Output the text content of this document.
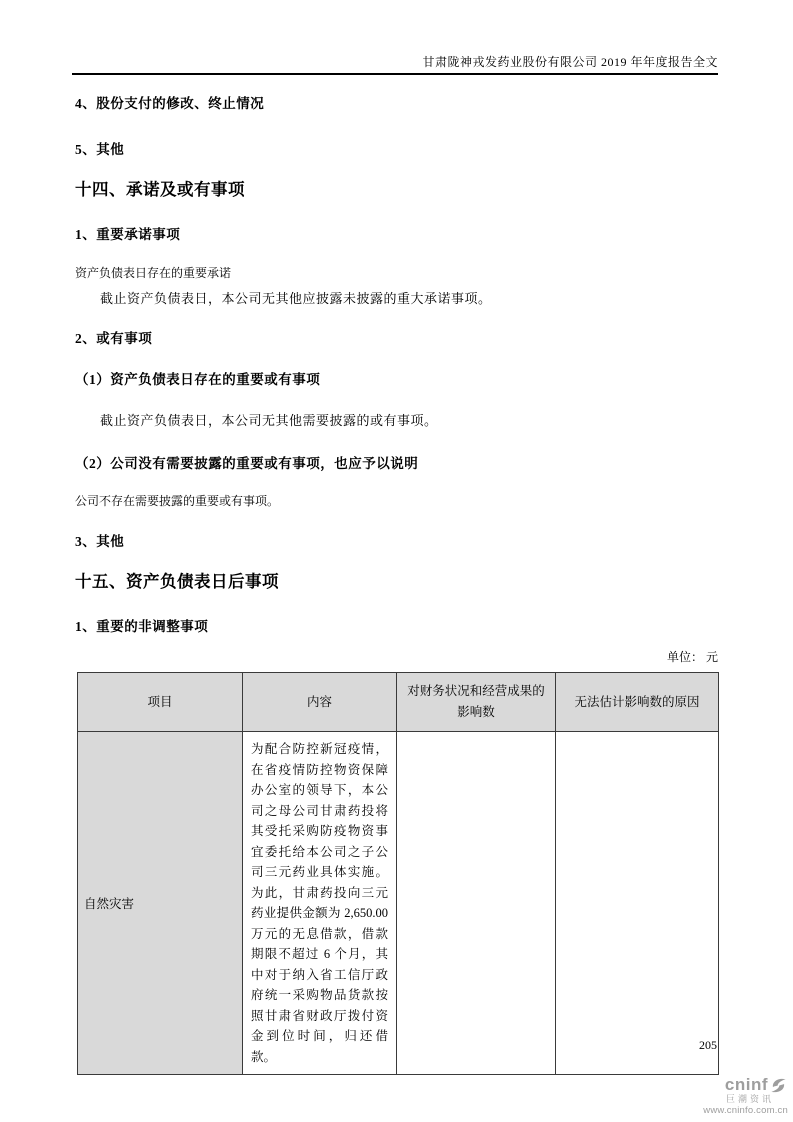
甘肃陇神戎发药业股份有限公司 2019 年年度报告全文
4、股份支付的修改、终止情况
5、其他
十四、承诺及或有事项
1、重要承诺事项
资产负债表日存在的重要承诺
截止资产负债表日，本公司无其他应披露未披露的重大承诺事项。
2、或有事项
（1）资产负债表日存在的重要或有事项
截止资产负债表日，本公司无其他需要披露的或有事项。
（2）公司没有需要披露的重要或有事项，也应予以说明
公司不存在需要披露的重要或有事项。
3、其他
十五、资产负债表日后事项
1、重要的非调整事项
单位： 元
项目	内容	对财务状况和经营成果的影响数	无法估计影响数的原因
自然灾害	为配合防控新冠疫情，在省疫情防控物资保障办公室的领导下，本公司之母公司甘肃药投将其受托采购防疫物资事宜委托给本公司之子公司三元药业具体实施。为此，甘肃药投向三元药业提供金额为 2,650.00 万元的无息借款，借款期限不超过 6 个月，其中对于纳入省工信厅政府统一采购物品货款按照甘肃省财政厅拨付资金到位时间，归还借款。		
205
cninf
巨潮资讯
www.cninfo.com.cn
